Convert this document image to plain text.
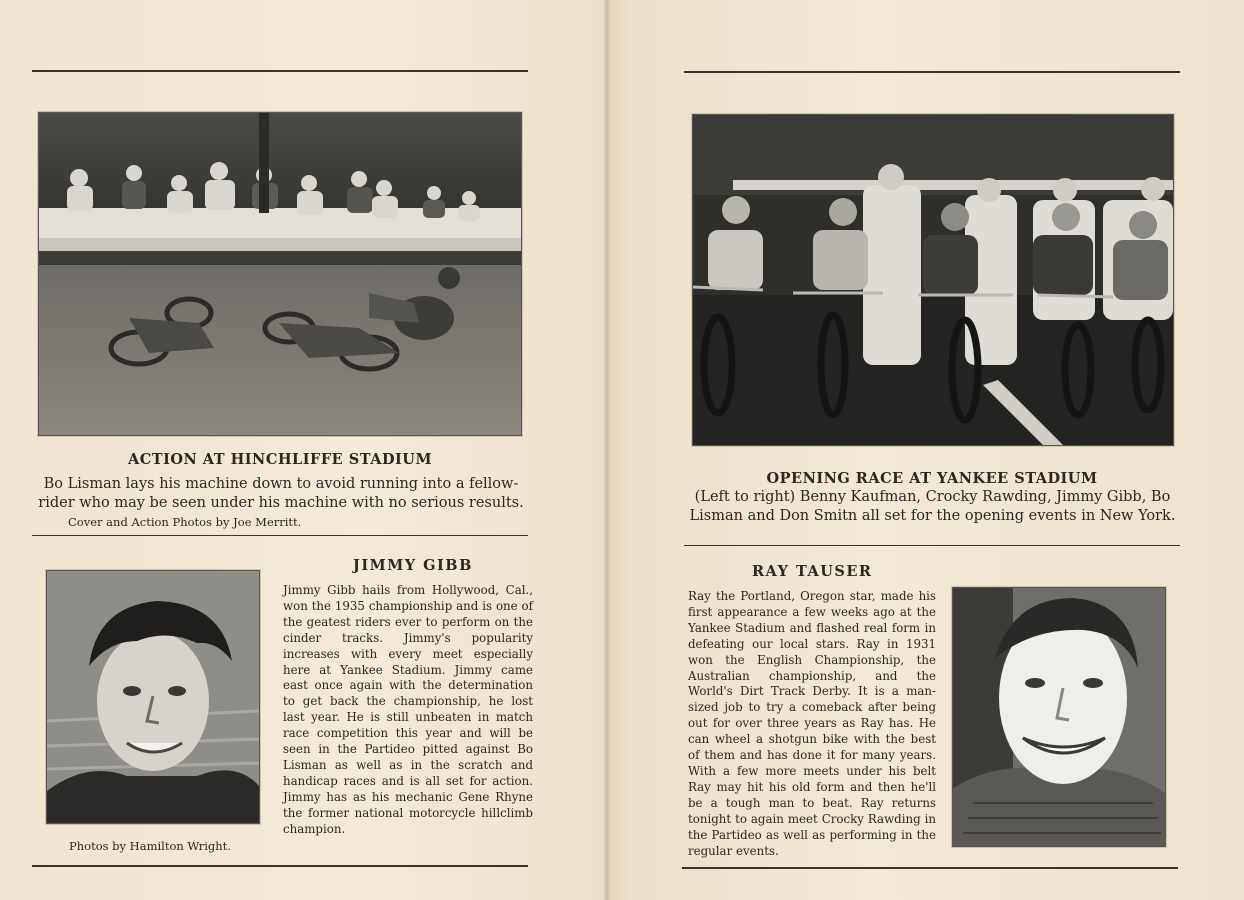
ACTION AT HINCHLIFFE STADIUM
Bo Lisman lays his machine down to avoid running into a fellow-rider who may be seen under his machine with no serious results.
Cover and Action Photos by Joe Merritt.
JIMMY GIBB

Jimmy Gibb hails from Hollywood, Cal., won the 1935 championship and is one of the geatest riders ever to perform on the cinder tracks. Jimmy's popularity increases with every meet especially here at Yankee Stadium. Jimmy came east once again with the determination to get back the championship, he lost last year. He is still unbeaten in match race competition this year and will be seen in the Partideo pitted against Bo Lisman as well as in the scratch and handicap races and is all set for action. Jimmy has as his mechanic Gene Rhyne the former national motorcycle hillclimb champion.

Photos by Hamilton Wright.
OPENING RACE AT YANKEE STADIUM
(Left to right) Benny Kaufman, Crocky Rawding, Jimmy Gibb, Bo Lisman and Don Smitn all set for the opening events in New York.
RAY TAUSER

Ray the Portland, Oregon star, made his first appearance a few weeks ago at the Yankee Stadium and flashed real form in defeating our local stars. Ray in 1931 won the English Championship, the Australian championship, and the World's Dirt Track Derby. It is a man-sized job to try a comeback after being out for over three years as Ray has. He can wheel a shotgun bike with the best of them and has done it for many years. With a few more meets under his belt Ray may hit his old form and then he'll be a tough man to beat. Ray returns tonight to again meet Crocky Rawding in the Partideo as well as performing in the regular events.
